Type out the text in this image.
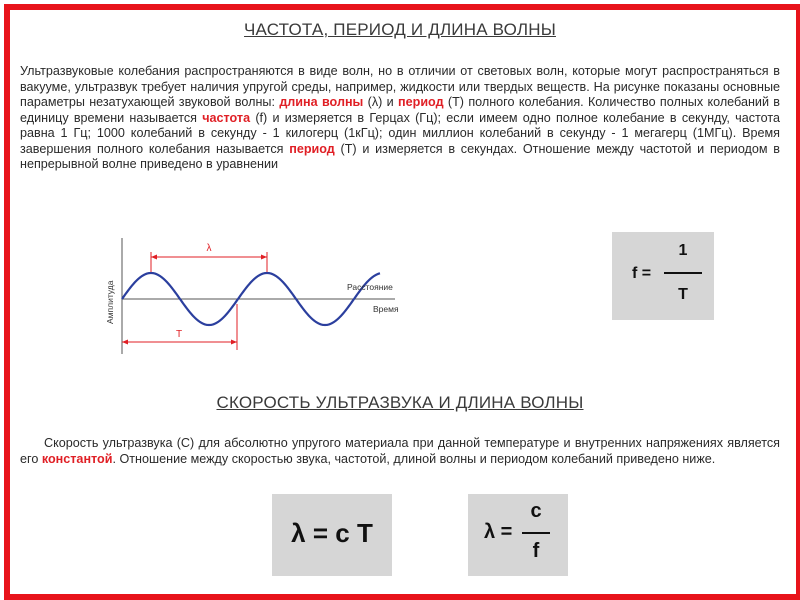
ЧАСТОТА, ПЕРИОД И ДЛИНА ВОЛНЫ
Ультразвуковые колебания распространяются в виде волн, но в отличии от световых волн, которые могут распространяться в вакууме, ультразвук требует наличия упругой среды, например, жидкости или твердых веществ. На рисунке показаны основные параметры незатухающей звуковой волны: длина волны (λ) и период (T) полного колебания. Количество полных колебаний в единицу времени называется частота (f) и измеряется в Герцах (Гц); если имеем одно полное колебание в секунду, частота равна 1 Гц; 1000 колебаний в секунду - 1 килогерц (1кГц); один миллион колебаний в секунду - 1 мегагерц (1МГц). Время завершения полного колебания называется период (T) и измеряется в секундах. Отношение между частотой и периодом в непрерывной волне приведено в уравнении
λ
T
Амплитуда	Расстояние
Время
f =
1
T
СКОРОСТЬ УЛЬТРАЗВУКА И ДЛИНА ВОЛНЫ
Скорость ультразвука (C) для абсолютно упругого материала при данной температуре и внутренних напряжениях является его константой. Отношение между скоростью звука, частотой, длиной волны и периодом колебаний приведено ниже.
λ = c T	λ =
c
f
